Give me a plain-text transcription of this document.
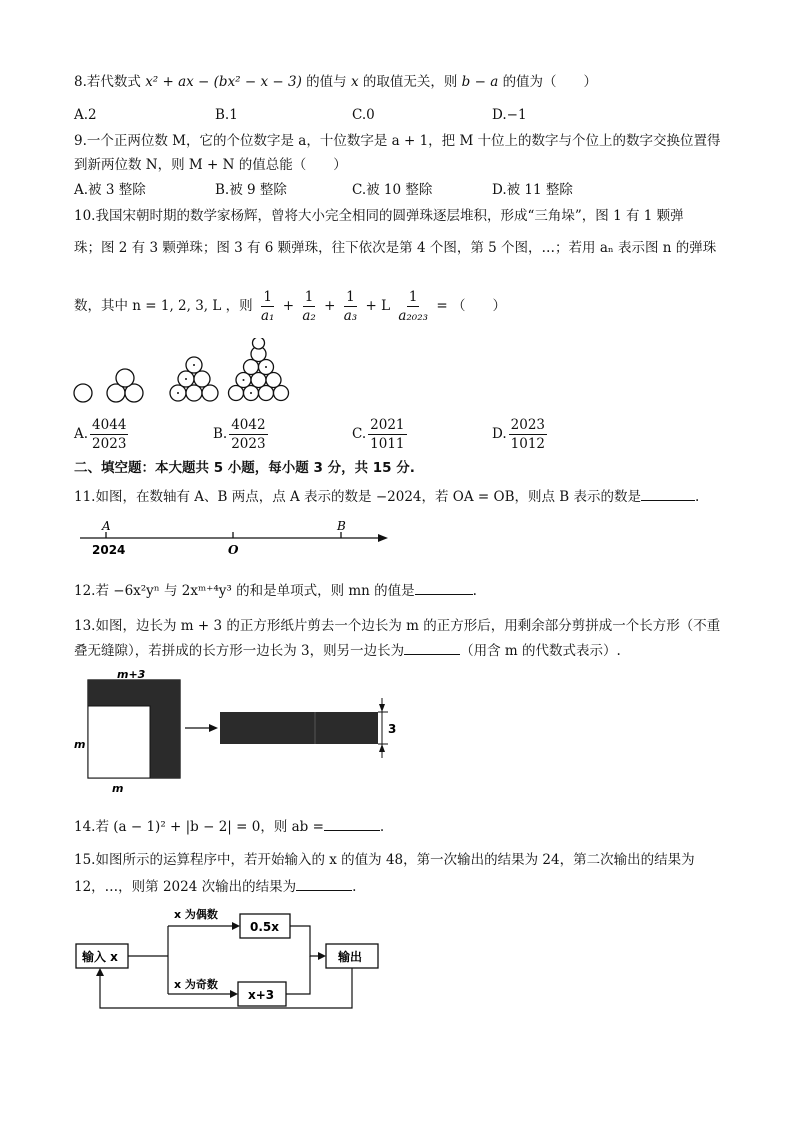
8.若代数式 x² + ax − (bx² − x − 3) 的值与 x 的取值无关，则 b − a 的值为（　　）
A.2	B.1	C.0	D.−1
9.一个正两位数 M，它的个位数字是 a，十位数字是 a + 1，把 M 十位上的数字与个位上的数字交换位置得
到新两位数 N，则 M + N 的值总能（　　）
A.被 3 整除	B.被 9 整除	C.被 10 整除	D.被 11 整除
10.我国宋朝时期的数学家杨辉，曾将大小完全相同的圆弹珠逐层堆积，形成“三角垛”，图 1 有 1 颗弹
珠；图 2 有 3 颗弹珠；图 3 有 6 颗弹珠，往下依次是第 4 个图，第 5 个图，…；若用 aₙ 表示图 n 的弹珠
数，其中 n = 1, 2, 3, L ，则 $\frac{1}{\text{a₁}} + \frac{1}{\text{a₂}} + \frac{1}{\text{a₃}} + L \frac{1}{\text{a₂₀₂₃}}$ = （　　）
A. $\frac{4044}{2023}$	B. $\frac{4042}{2023}$	C. $\frac{2021}{1011}$	D. $\frac{2023}{1012}$
二、填空题：本大题共 5 小题，每小题 3 分，共 15 分.
11.如图，在数轴有 A、B 两点，点 A 表示的数是 −2024，若 OA = OB，则点 B 表示的数是	.
A	B
O
2024
12.若 −6x²yⁿ 与 2xᵐ⁺⁴y³ 的和是单项式，则 mn 的值是	.
13.如图，边长为 m + 3 的正方形纸片剪去一个边长为 m 的正方形后，用剩余部分剪拼成一个长方形（不重
叠无缝隙），若拼成的长方形一边长为 3，则另一边长为	（用含 m 的代数式表示）.
m+3
m
m
3
14.若 (a − 1)² + |b − 2| = 0，则 ab =	.
15.如图所示的运算程序中，若开始输入的 x 的值为 48，第一次输出的结果为 24，第二次输出的结果为
12，…，则第 2024 次输出的结果为	.
输入 x
x 为偶数
x 为奇数
0.5x
x+3
输出
